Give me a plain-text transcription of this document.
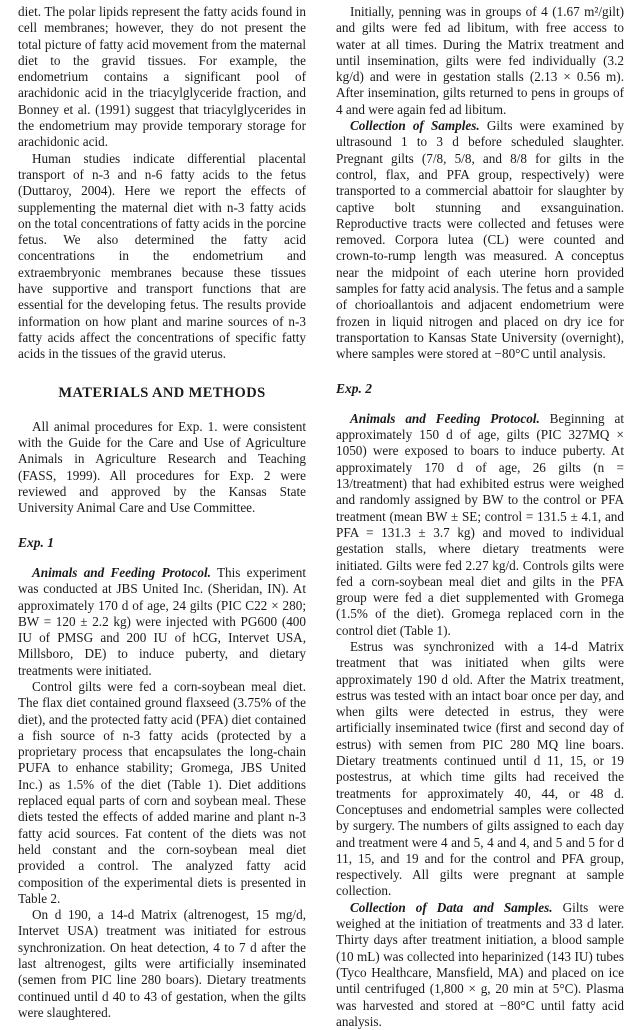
diet. The polar lipids represent the fatty acids found in cell membranes; however, they do not present the total picture of fatty acid movement from the maternal diet to the gravid tissues. For example, the endometrium contains a significant pool of arachidonic acid in the triacylglyceride fraction, and Bonney et al. (1991) suggest that triacylglycerides in the endometrium may provide temporary storage for arachidonic acid.

Human studies indicate differential placental transport of n-3 and n-6 fatty acids to the fetus (Duttaroy, 2004). Here we report the effects of supplementing the maternal diet with n-3 fatty acids on the total concentrations of fatty acids in the porcine fetus. We also determined the fatty acid concentrations in the endometrium and extraembryonic membranes because these tissues have supportive and transport functions that are essential for the developing fetus. The results provide information on how plant and marine sources of n-3 fatty acids affect the concentrations of specific fatty acids in the tissues of the gravid uterus.

MATERIALS AND METHODS

All animal procedures for Exp. 1. were consistent with the Guide for the Care and Use of Agriculture Animals in Agriculture Research and Teaching (FASS, 1999). All procedures for Exp. 2 were reviewed and approved by the Kansas State University Animal Care and Use Committee.

Exp. 1

Animals and Feeding Protocol. This experiment was conducted at JBS United Inc. (Sheridan, IN). At approximately 170 d of age, 24 gilts (PIC C22 × 280; BW = 120 ± 2.2 kg) were injected with PG600 (400 IU of PMSG and 200 IU of hCG, Intervet USA, Millsboro, DE) to induce puberty, and dietary treatments were initiated.

Control gilts were fed a corn-soybean meal diet. The flax diet contained ground flaxseed (3.75% of the diet), and the protected fatty acid (PFA) diet contained a fish source of n-3 fatty acids (protected by a proprietary process that encapsulates the long-chain PUFA to enhance stability; Gromega, JBS United Inc.) as 1.5% of the diet (Table 1). Diet additions replaced equal parts of corn and soybean meal. These diets tested the effects of added marine and plant n-3 fatty acid sources. Fat content of the diets was not held constant and the corn-soybean meal diet provided a control. The analyzed fatty acid composition of the experimental diets is presented in Table 2.

On d 190, a 14-d Matrix (altrenogest, 15 mg/d, Intervet USA) treatment was initiated for estrous synchronization. On heat detection, 4 to 7 d after the last altrenogest, gilts were artificially inseminated (semen from PIC line 280 boars). Dietary treatments continued until d 40 to 43 of gestation, when the gilts were slaughtered.

Initially, penning was in groups of 4 (1.67 m²/gilt) and gilts were fed ad libitum, with free access to water at all times. During the Matrix treatment and until insemination, gilts were fed individually (3.2 kg/d) and were in gestation stalls (2.13 × 0.56 m). After insemination, gilts returned to pens in groups of 4 and were again fed ad libitum.

Collection of Samples. Gilts were examined by ultrasound 1 to 3 d before scheduled slaughter. Pregnant gilts (7/8, 5/8, and 8/8 for gilts in the control, flax, and PFA group, respectively) were transported to a commercial abattoir for slaughter by captive bolt stunning and exsanguination. Reproductive tracts were collected and fetuses were removed. Corpora lutea (CL) were counted and crown-to-rump length was measured. A conceptus near the midpoint of each uterine horn provided samples for fatty acid analysis. The fetus and a sample of chorioallantois and adjacent endometrium were frozen in liquid nitrogen and placed on dry ice for transportation to Kansas State University (overnight), where samples were stored at −80°C until analysis.

Exp. 2

Animals and Feeding Protocol. Beginning at approximately 150 d of age, gilts (PIC 327MQ × 1050) were exposed to boars to induce puberty. At approximately 170 d of age, 26 gilts (n = 13/treatment) that had exhibited estrus were weighed and randomly assigned by BW to the control or PFA treatment (mean BW ± SE; control = 131.5 ± 4.1, and PFA = 131.3 ± 3.7 kg) and moved to individual gestation stalls, where dietary treatments were initiated. Gilts were fed 2.27 kg/d. Controls gilts were fed a corn-soybean meal diet and gilts in the PFA group were fed a diet supplemented with Gromega (1.5% of the diet). Gromega replaced corn in the control diet (Table 1).

Estrus was synchronized with a 14-d Matrix treatment that was initiated when gilts were approximately 190 d old. After the Matrix treatment, estrus was tested with an intact boar once per day, and when gilts were detected in estrus, they were artificially inseminated twice (first and second day of estrus) with semen from PIC 280 MQ line boars. Dietary treatments continued until d 11, 15, or 19 postestrus, at which time gilts had received the treatments for approximately 40, 44, or 48 d. Conceptuses and endometrial samples were collected by surgery. The numbers of gilts assigned to each day and treatment were 4 and 5, 4 and 4, and 5 and 5 for d 11, 15, and 19 and for the control and PFA group, respectively. All gilts were pregnant at sample collection.

Collection of Data and Samples. Gilts were weighed at the initiation of treatments and 33 d later. Thirty days after treatment initiation, a blood sample (10 mL) was collected into heparinized (143 IU) tubes (Tyco Healthcare, Mansfield, MA) and placed on ice until centrifuged (1,800 × g, 20 min at 5°C). Plasma was harvested and stored at −80°C until fatty acid analysis.
